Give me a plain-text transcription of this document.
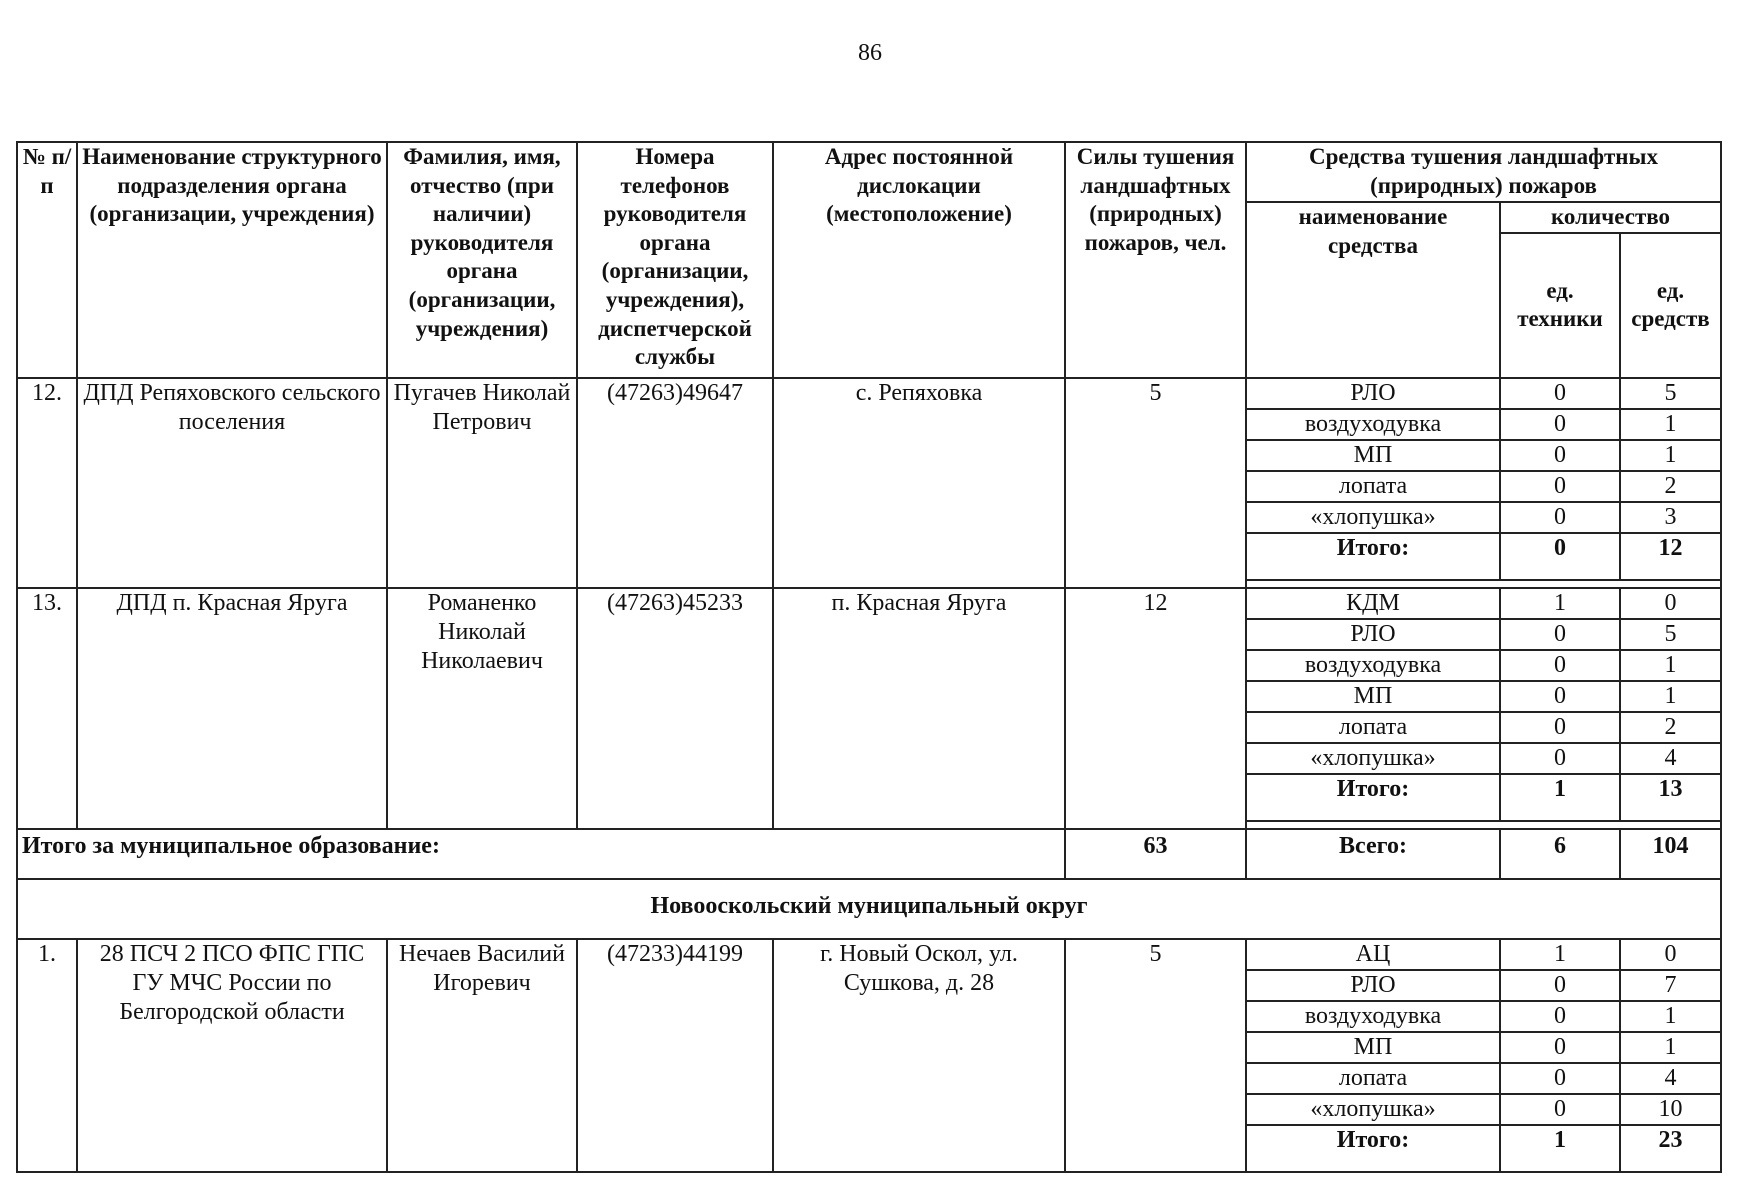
86
№ п/п	Наименование структурного подразделения органа (организации, учреждения)	Фамилия, имя, отчество (при наличии) руководителя органа (организации, учреждения)	Номера телефонов руководителя органа (организации, учреждения), диспетчерской службы	Адрес постоянной дислокации (местоположение)	Силы тушения ландшафтных (природных) пожаров, чел.	Средства тушения ландшафтных (природных) пожаров		
						наименование средства	количество	
							ед. техники	ед. средств
12.	ДПД Репяховского сельского поселения	Пугачев Николай Петрович	(47263)49647	с. Репяховка	5	РЛО	0	5
						воздуходувка	0	1
						МП	0	1
						лопата	0	2
						«хлопушка»	0	3
						Итого:	0	12

13.	ДПД п. Красная Яруга	Романенко Николай Николаевич	(47263)45233	п. Красная Яруга	12	КДМ	1	0
						РЛО	0	5
						воздуходувка	0	1
						МП	0	1
						лопата	0	2
						«хлопушка»	0	4
						Итого:	1	13

Итого за муниципальное образование:					63	Всего:	6	104
Новооскольский муниципальный округ								
1.	28 ПСЧ 2 ПСО ФПС ГПС ГУ МЧС России по Белгородской области	Нечаев Василий Игоревич	(47233)44199	г. Новый Оскол, ул. Сушкова, д. 28	5	АЦ	1	0
						РЛО	0	7
						воздуходувка	0	1
						МП	0	1
						лопата	0	4
						«хлопушка»	0	10
						Итого:	1	23
